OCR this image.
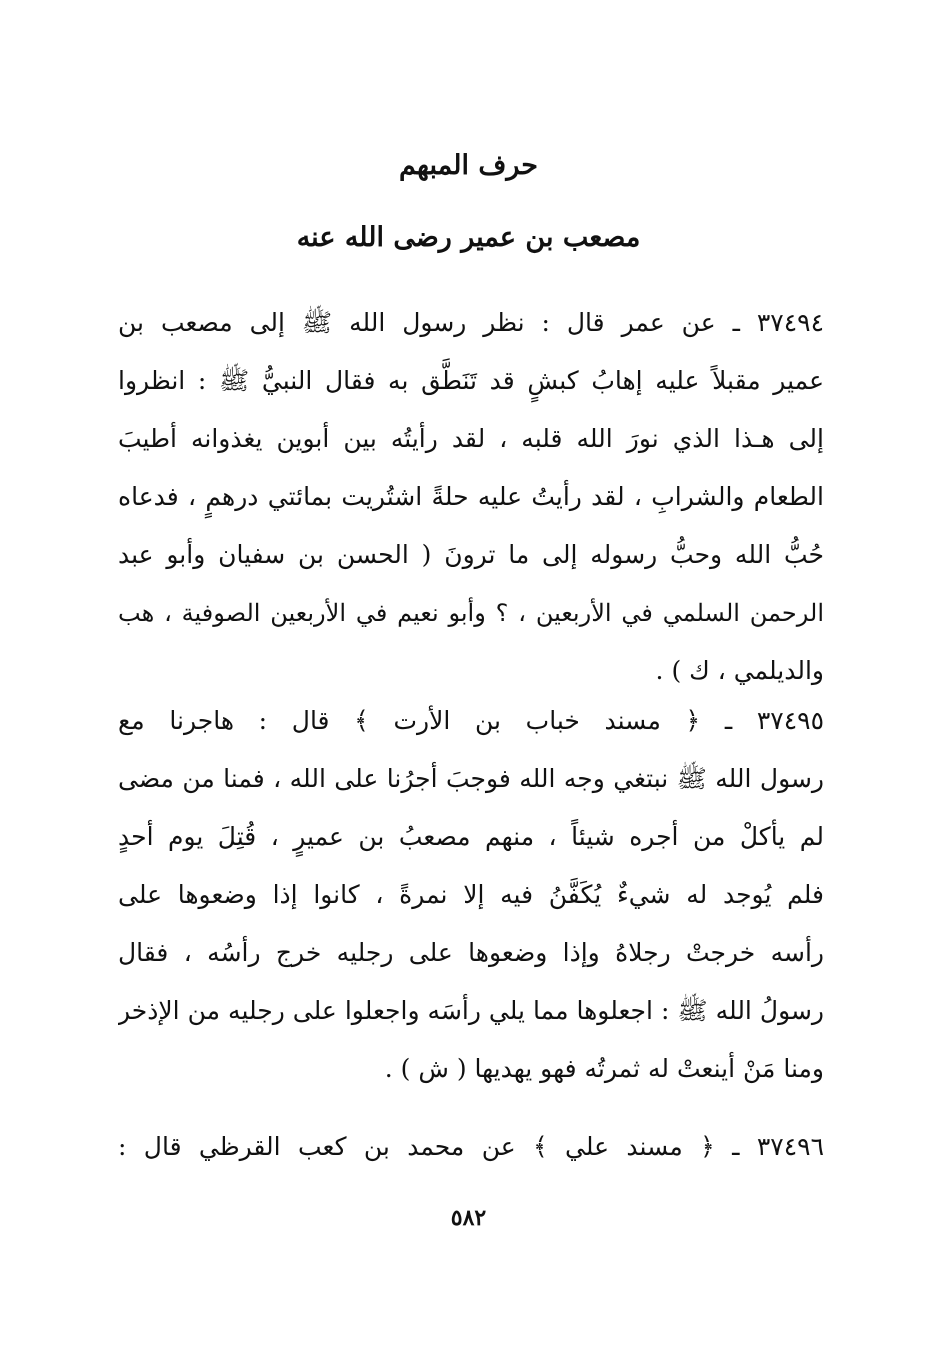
حرف المبهم
مصعب بن عمير رضى الله عنه
٣٧٤٩٤ ـ عن عمر قال : نظر رسول الله ﷺ إلى مصعب بن
عمير مقبلاً عليه إهابُ كبشٍ قد تَنَطَّق به فقال النبيُّ ﷺ : انظروا
إلى هـذا الذي نورَ الله قلبه ، لقد رأيتُه بين أبوين يغذوانه أطيبَ
الطعام والشرابِ ، لقد رأيتُ عليه حلةً اشتُريت بمائتي درهمٍ ، فدعاه
حُبُّ الله وحبُّ رسوله إلى ما ترونَ ( الحسن بن سفيان وأبو عبد
الرحمن السلمي في الأربعين ، ؟ وأبو نعيم في الأربعين الصوفية ، هب
والديلمي ، ك ) .
٣٧٤٩٥ ـ ﴿ مسند خباب بن الأرت ﴾ قال : هاجرنا مع
رسول الله ﷺ نبتغي وجه الله فوجبَ أجرُنا على الله ، فمنا من مضى
لم يأكلْ من أجره شيئاً ، منهم مصعبُ بن عميرٍ ، قُتِلَ يوم أحدٍ
فلم يُوجد له شيءٌ يُكَفَّنُ فيه إلا نمرةً ، كانوا إذا وضعوها على
رأسه خرجتْ رجلاهُ وإذا وضعوها على رجليه خرج رأسُه ، فقال
رسولُ الله ﷺ : اجعلوها مما يلي رأسَه واجعلوا على رجليه من الإذخر
ومنا مَنْ أينعتْ له ثمرتُه فهو يهديها ( ش ) .
٣٧٤٩٦ ـ ﴿ مسند علي ﴾ عن محمد بن كعب القرظي قال :
٥٨٢
